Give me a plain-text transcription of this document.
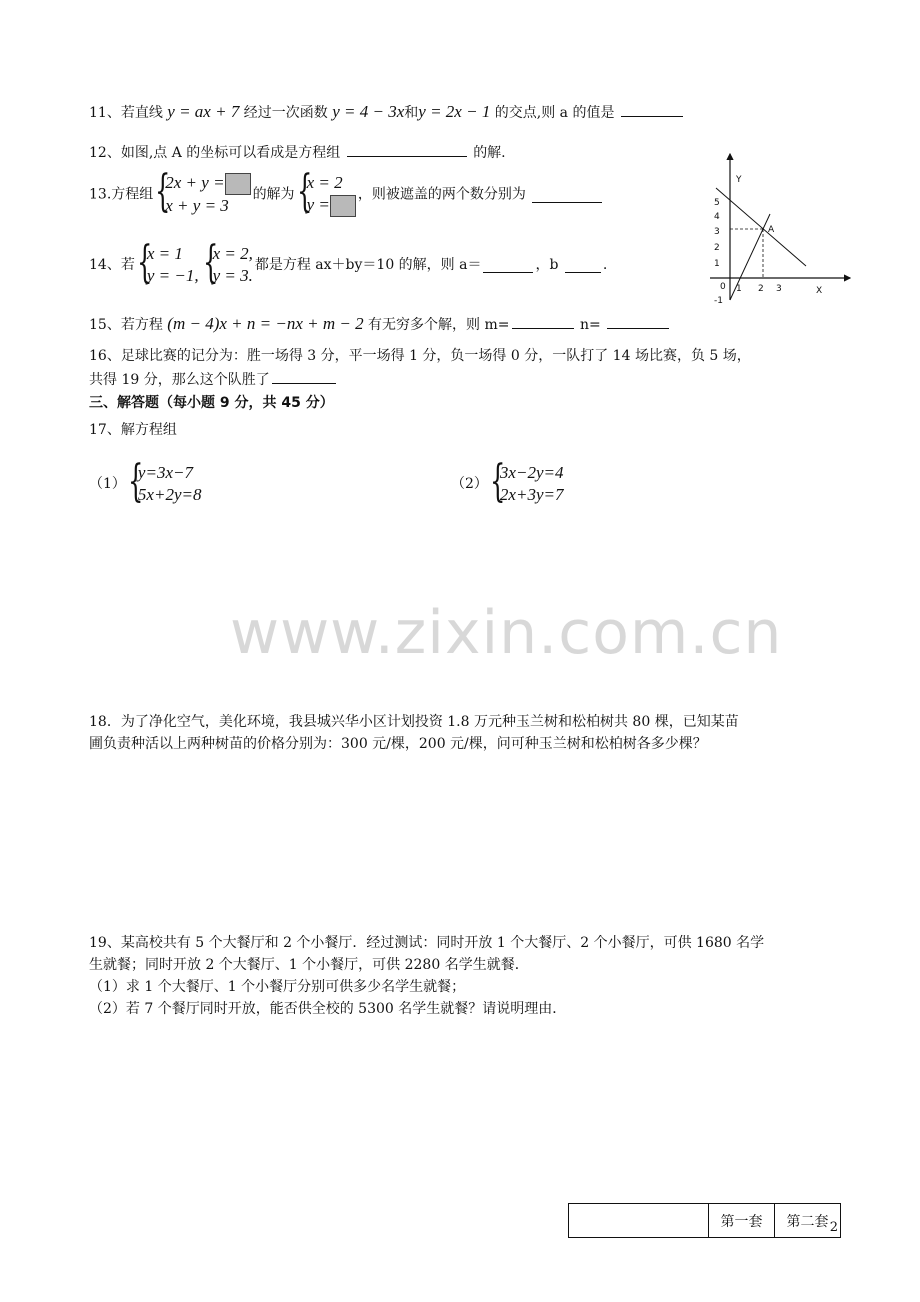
11、若直线 y = ax + 7 经过一次函数 y = 4 − 3x和y = 2x − 1 的交点,则 a 的值是
12、如图,点 A 的坐标可以看成是方程组	的解.
13.方程组 {
2x + y =
x + y = 3
的解为 {
x = 2
y =
，则被遮盖的两个数分别为
14、若 {
x = 1
y = −1, {
x = 2,
y = 3.
都是方程 ax＋by＝10 的解，则 a＝	，b	.
15、若方程 (m − 4)x + n = −nx + m − 2 有无穷多个解，则 m=	n=
16、足球比赛的记分为：胜一场得 3 分，平一场得 1 分，负一场得 0 分，一队打了 14 场比赛，负 5 场，
共得 19 分，那么这个队胜了
三、解答题（每小题 9 分，共 45 分）
17、解方程组
（1） {
y=3x−7
5x+2y=8
（2） {
3x−2y=4
2x+3y=7
www.zixin.com.cn
18．为了净化空气，美化环境，我县城兴华小区计划投资 1.8 万元种玉兰树和松柏树共 80 棵，已知某苗
圃负责种活以上两种树苗的价格分别为：300 元/棵，200 元/棵，问可种玉兰树和松柏树各多少棵？
19、某高校共有 5 个大餐厅和 2 个小餐厅．经过测试：同时开放 1 个大餐厅、2 个小餐厅，可供 1680 名学
生就餐；同时开放 2 个大餐厅、1 个小餐厅，可供 2280 名学生就餐．
（1）求 1 个大餐厅、1 个小餐厅分别可供多少名学生就餐；
（2）若 7 个餐厅同时开放，能否供全校的 5300 名学生就餐？请说明理由．
Y
X
5
4
3
2
1
-1
0 1 2 3
A
第一套	第二套 2
